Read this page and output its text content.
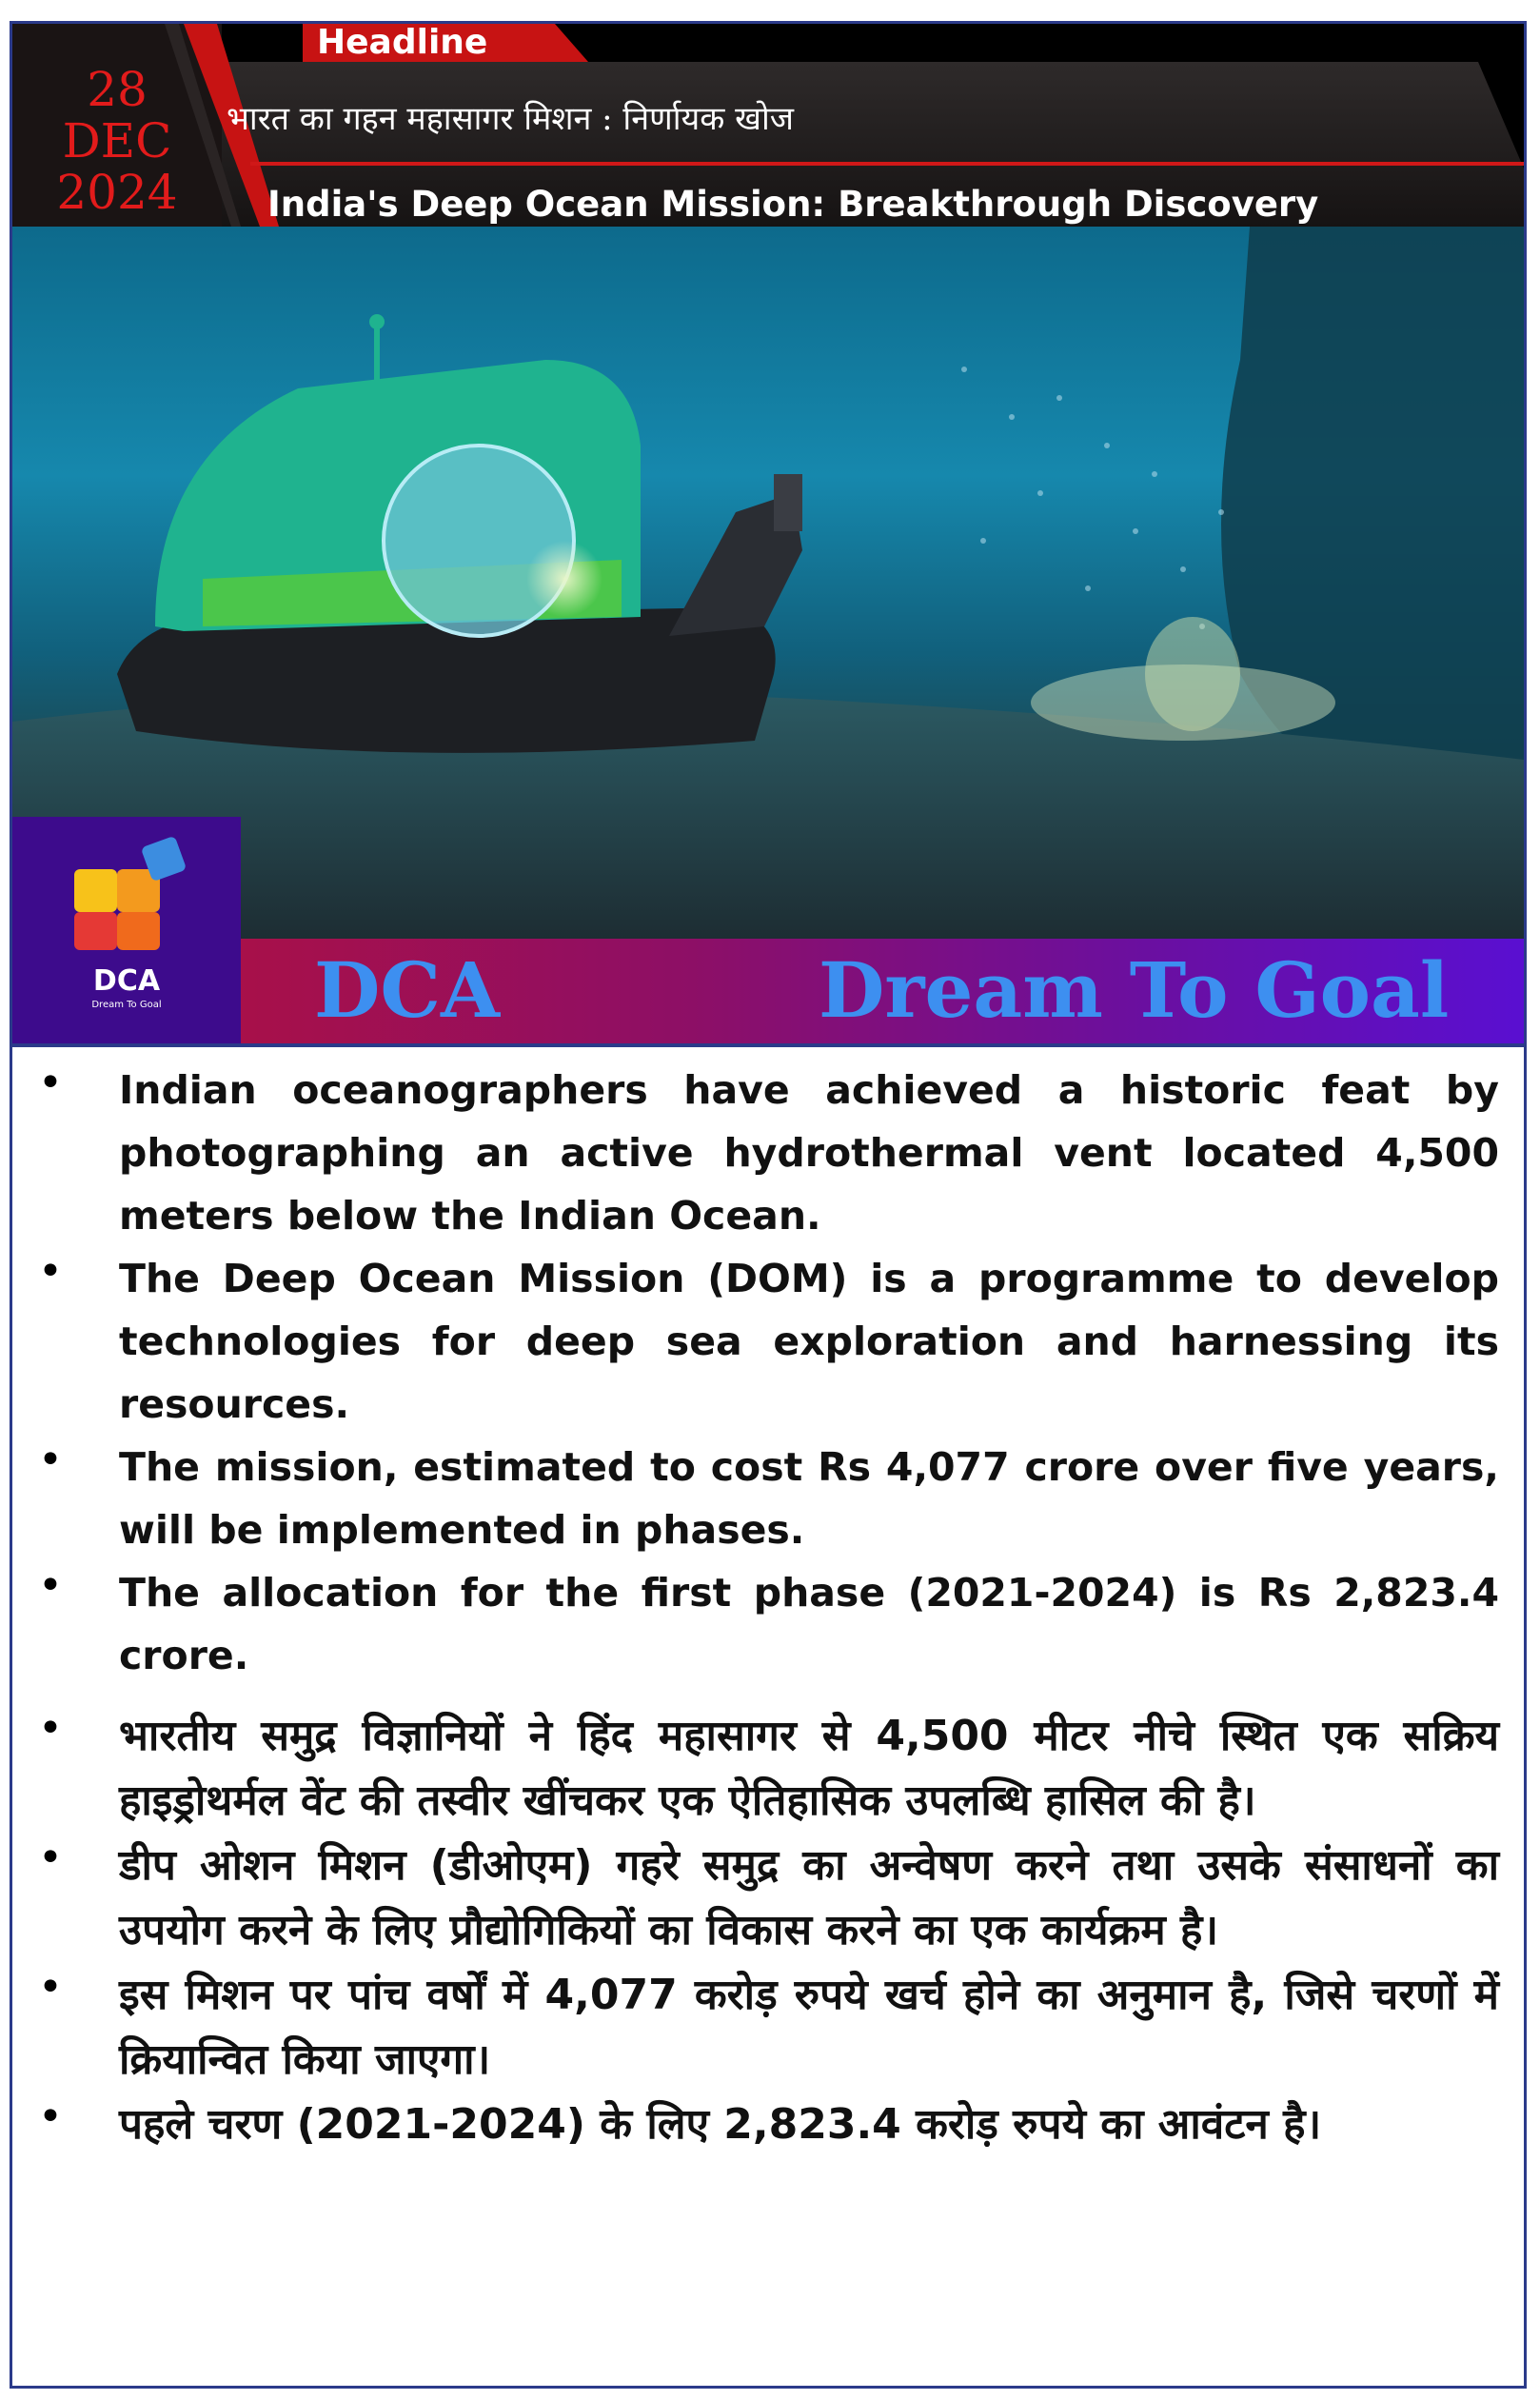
28
DEC
2024
Headline
भारत का गहन महासागर मिशन : निर्णायक खोज
India's Deep Ocean Mission: Breakthrough Discovery
DCA
Dream To Goal	DCA	Dream To Goal
• Indian oceanographers have achieved a historic feat by photographing an active hydrothermal vent located 4,500 meters below the Indian Ocean.

• The Deep Ocean Mission (DOM) is a programme to develop technologies for deep sea exploration and harnessing its resources.

• The mission, estimated to cost Rs 4,077 crore over five years, will be implemented in phases.

• The allocation for the first phase (2021-2024) is Rs 2,823.4 crore.

• भारतीय समुद्र विज्ञानियों ने हिंद महासागर से 4,500 मीटर नीचे स्थित एक सक्रिय हाइड्रोथर्मल वेंट की तस्वीर खींचकर एक ऐतिहासिक उपलब्धि हासिल की है।

• डीप ओशन मिशन (डीओएम) गहरे समुद्र का अन्वेषण करने तथा उसके संसाधनों का उपयोग करने के लिए प्रौद्योगिकियों का विकास करने का एक कार्यक्रम है।

• इस मिशन पर पांच वर्षों में 4,077 करोड़ रुपये खर्च होने का अनुमान है, जिसे चरणों में क्रियान्वित किया जाएगा।

• पहले चरण (2021-2024) के लिए 2,823.4 करोड़ रुपये का आवंटन है।
